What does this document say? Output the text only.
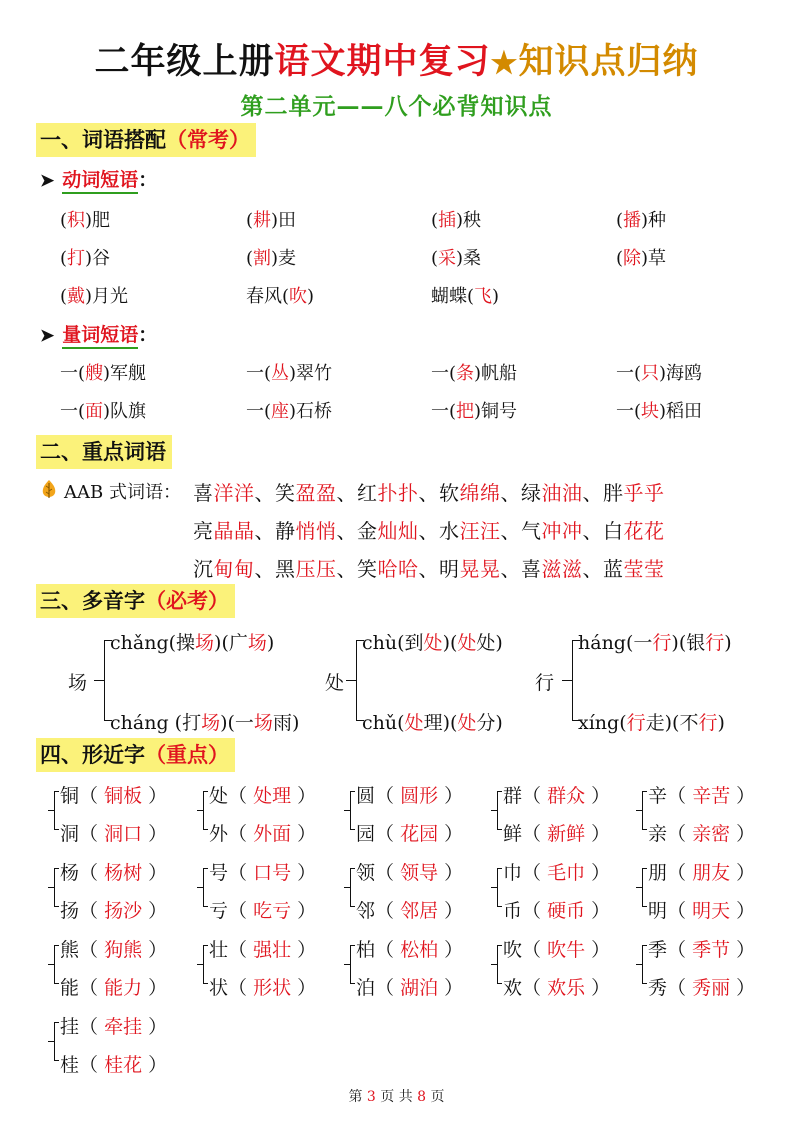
二年级上册语文期中复习★知识点归纳
第二单元——八个必背知识点
一、词语搭配（常考）
➤ 动词短语：
(积)肥	(耕)田	(插)秧	(播)种
(打)谷	(割)麦	(采)桑	(除)草
(戴)月光	春风(吹)	蝴蝶(飞)
➤ 量词短语：
一(艘)军舰	一(丛)翠竹	一(条)帆船	一(只)海鸥
一(面)队旗	一(座)石桥	一(把)铜号	一(块)稻田
二、重点词语
AAB 式词语： 喜洋洋、笑盈盈、红扑扑、软绵绵、绿油油、胖乎乎
亮晶晶、静悄悄、金灿灿、水汪汪、气冲冲、白花花
沉甸甸、黑压压、笑哈哈、明晃晃、喜滋滋、蓝莹莹
三、多音字（必考）
场
chǎng(操场)(广场)
cháng (打场)(一场雨)
处
chù(到处)(处处)
chǔ(处理)(处分)
行
háng(一行)(银行)
xíng(行走)(不行)
四、形近字（重点）
铜（ 铜板 ）
洞（ 洞口 ）
处（ 处理 ）
外（ 外面 ）
圆（ 圆形 ）
园（ 花园 ）
群（ 群众 ）
鲜（ 新鲜 ）
辛（ 辛苦 ）
亲（ 亲密 ）
杨（ 杨树 ）
扬（ 扬沙 ）
号（ 口号 ）
亏（ 吃亏 ）
领（ 领导 ）
邻（ 邻居 ）
巾（ 毛巾 ）
币（ 硬币 ）
朋（ 朋友 ）
明（ 明天 ）
熊（ 狗熊 ）
能（ 能力 ）
壮（ 强壮 ）
状（ 形状 ）
柏（ 松柏 ）
泊（ 湖泊 ）
吹（ 吹牛 ）
欢（ 欢乐 ）
季（ 季节 ）
秀（ 秀丽 ）
挂（ 牵挂 ）
桂（ 桂花 ）
第 3 页 共 8 页
